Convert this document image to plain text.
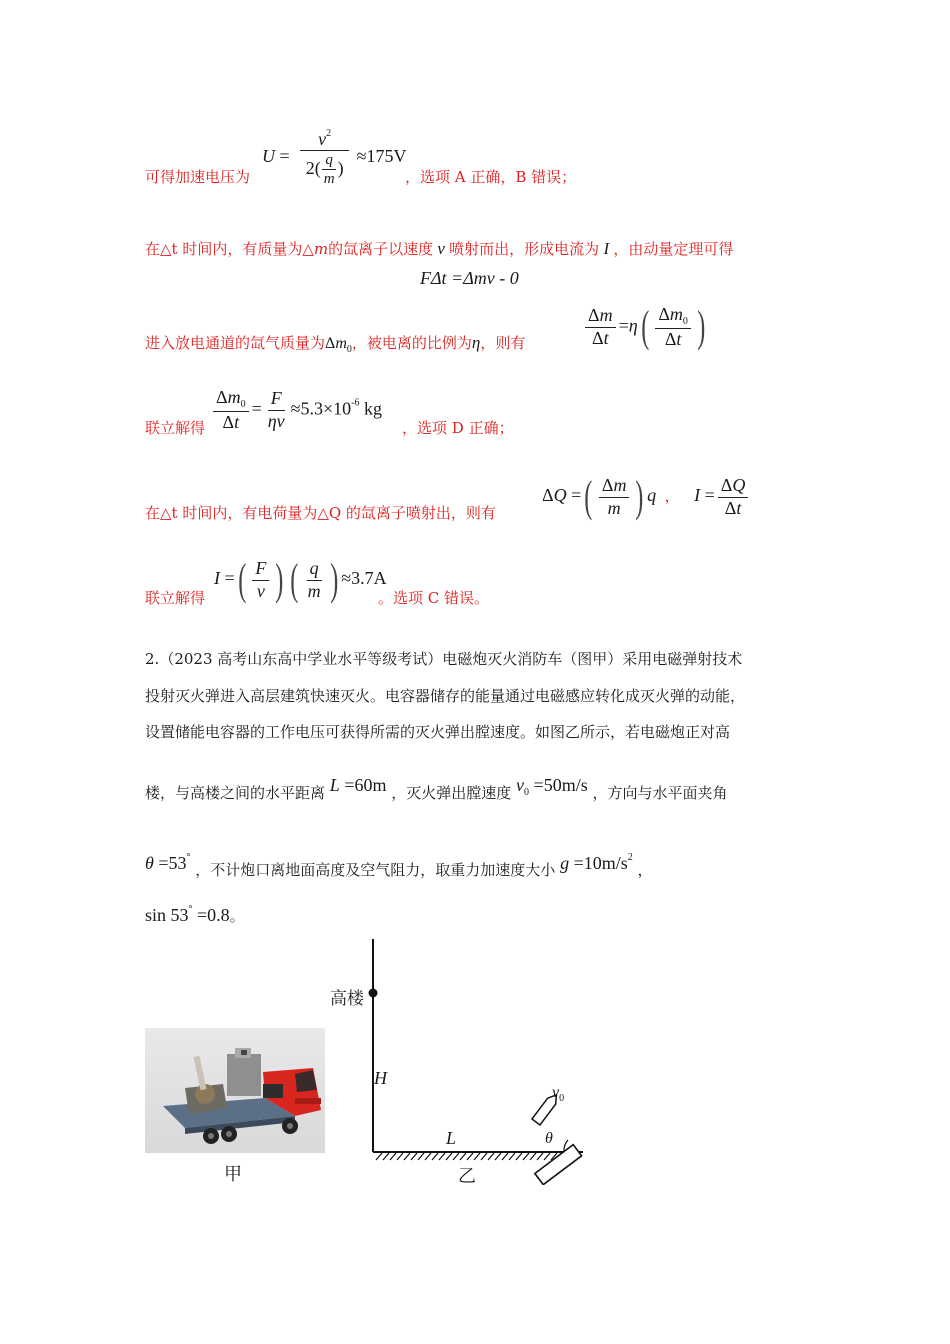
可得加速电压为
$U = \frac{v^2}{2( \frac{q}{m} )} \approx 175V$
，选项 A 正确，B 错误；
在△t 时间内，有质量为△m的氙离子以速度 v 喷射而出，形成电流为 I ，由动量定理可得
FΔt =Δmv - 0
进入放电通道的氙气质量为$\Delta m_0$，被电离的比例为η，则有	$\frac{\Delta m}{\Delta t} =\eta( \frac{\Delta m_0}{\Delta t}$ )
联立解得 $\frac{\Delta m_0}{\Delta t} = \frac{F}{\eta v} \approx 5.3\times 10^{-6}$ kg
，选项 D 正确；
在△t 时间内，有电荷量为△Q 的氙离子喷射出，则有
ΔQ =( $\frac{\Delta m}{m}$ ) q ， $I = \frac{\Delta Q}{\Delta t}$
联立解得
I =( $\frac{F}{v}$ ) ( $\frac{q}{m}$ ) ≈3.7A
。选项 C 错误。
2.（2023 高考山东高中学业水平等级考试）电磁炮灭火消防车（图甲）采用电磁弹射技术
投射灭火弹进入高层建筑快速灭火。电容器储存的能量通过电磁感应转化成灭火弹的动能，
设置储能电容器的工作电压可获得所需的灭火弹出膛速度。如图乙所示，若电磁炮正对高
楼，与高楼之间的水平距离 L =60m ，灭火弹出膛速度 $v_0 =50m/s$ ，方向与水平面夹角
θ =53° ，不计炮口离地面高度及空气阻力，取重力加速度大小 $g =10m/s^2$ ，
sin 53° =0.8。
甲
高楼
H
L	θ
$v_0$
乙
